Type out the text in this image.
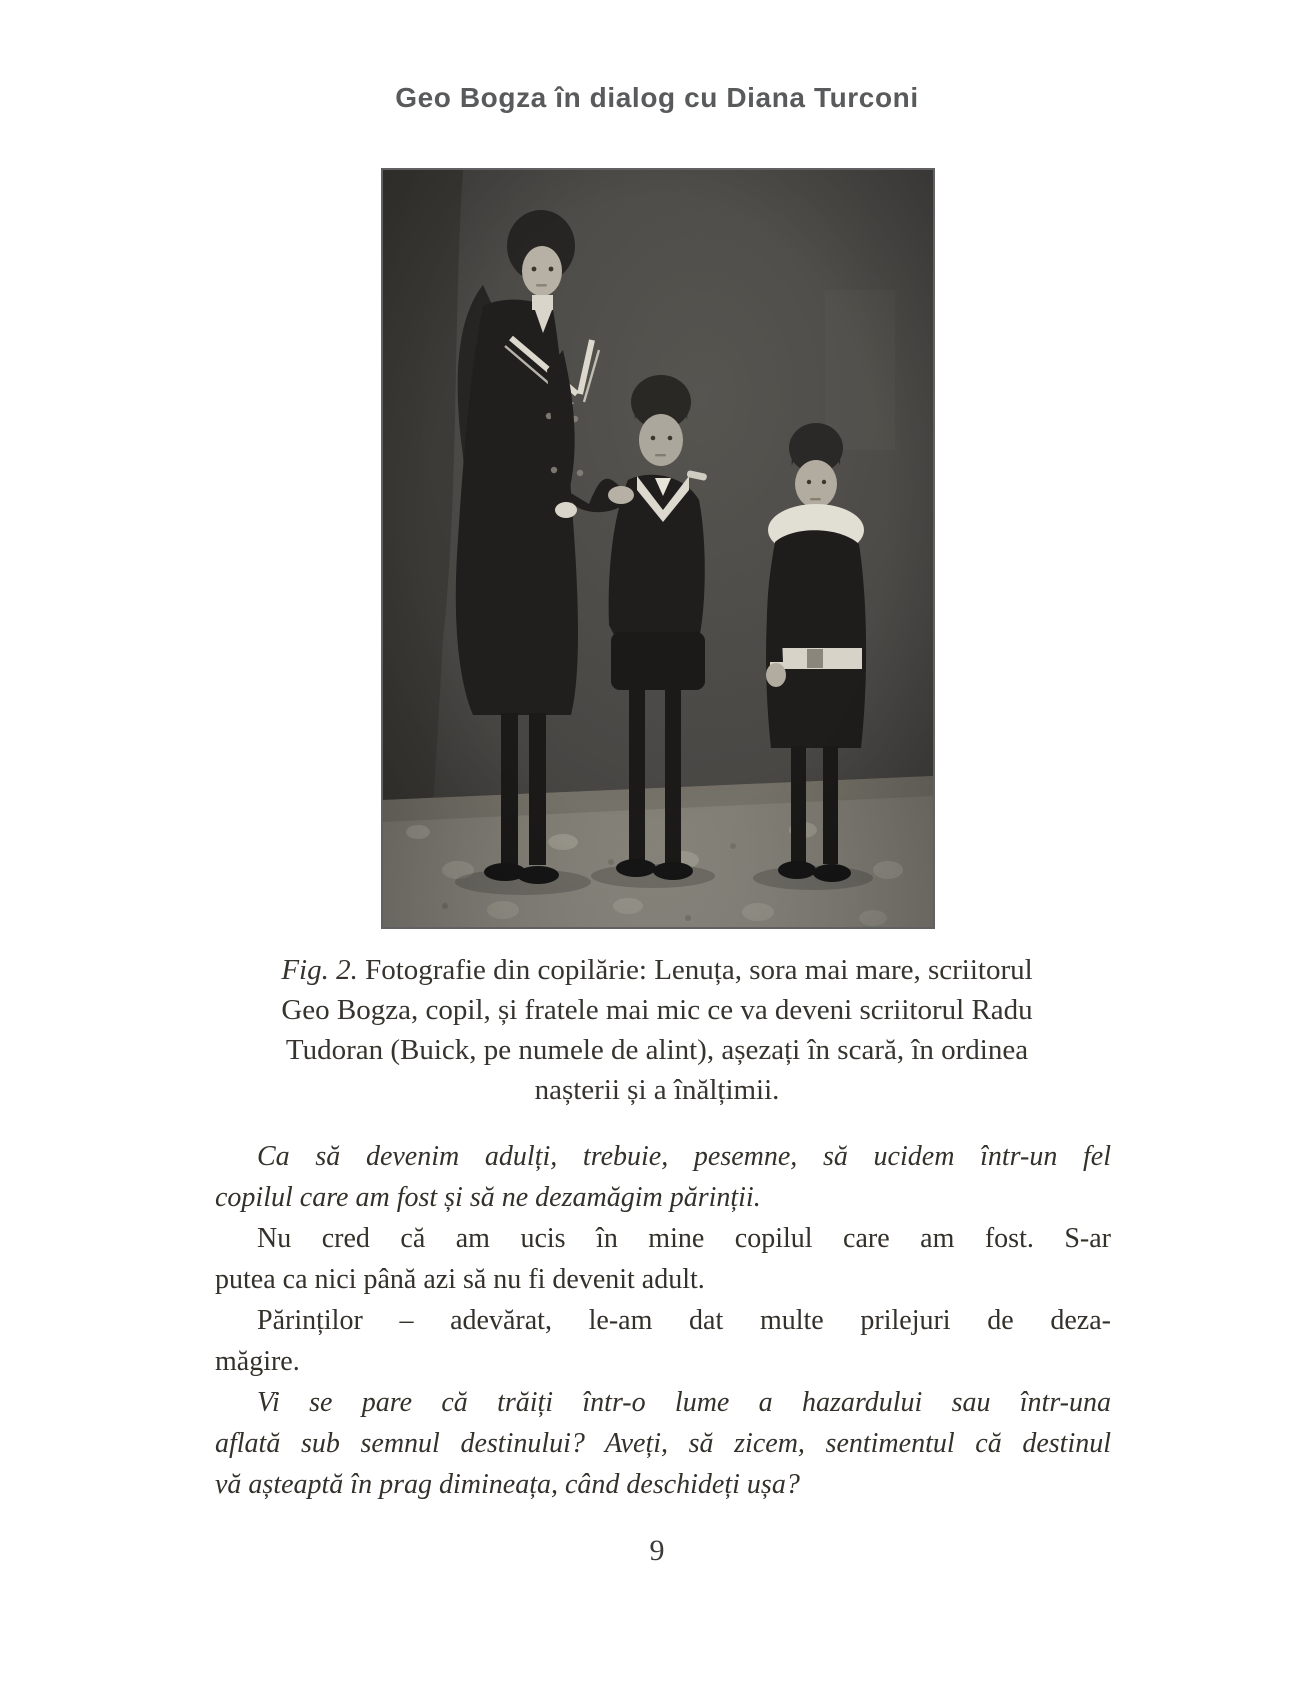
Geo Bogza în dialog cu Diana Turconi
Fig. 2. Fotografie din copilărie: Lenuța, sora mai mare, scriitorul
Geo Bogza, copil, și fratele mai mic ce va deveni scriitorul Radu
Tudoran (Buick, pe numele de alint), așezați în scară, în ordinea
nașterii și a înălțimii.
Ca să devenim adulți, trebuie, pesemne, să ucidem într-un fel
copilul care am fost și să ne dezamăgim părinții.
Nu cred că am ucis în mine copilul care am fost. S-ar
putea ca nici până azi să nu fi devenit adult.
Părinților – adevărat, le-am dat multe prilejuri de deza-
măgire.
Vi se pare că trăiți într-o lume a hazardului sau într-una
aflată sub semnul destinului? Aveți, să zicem, sentimentul că destinul
vă așteaptă în prag dimineața, când deschideți ușa?
9
